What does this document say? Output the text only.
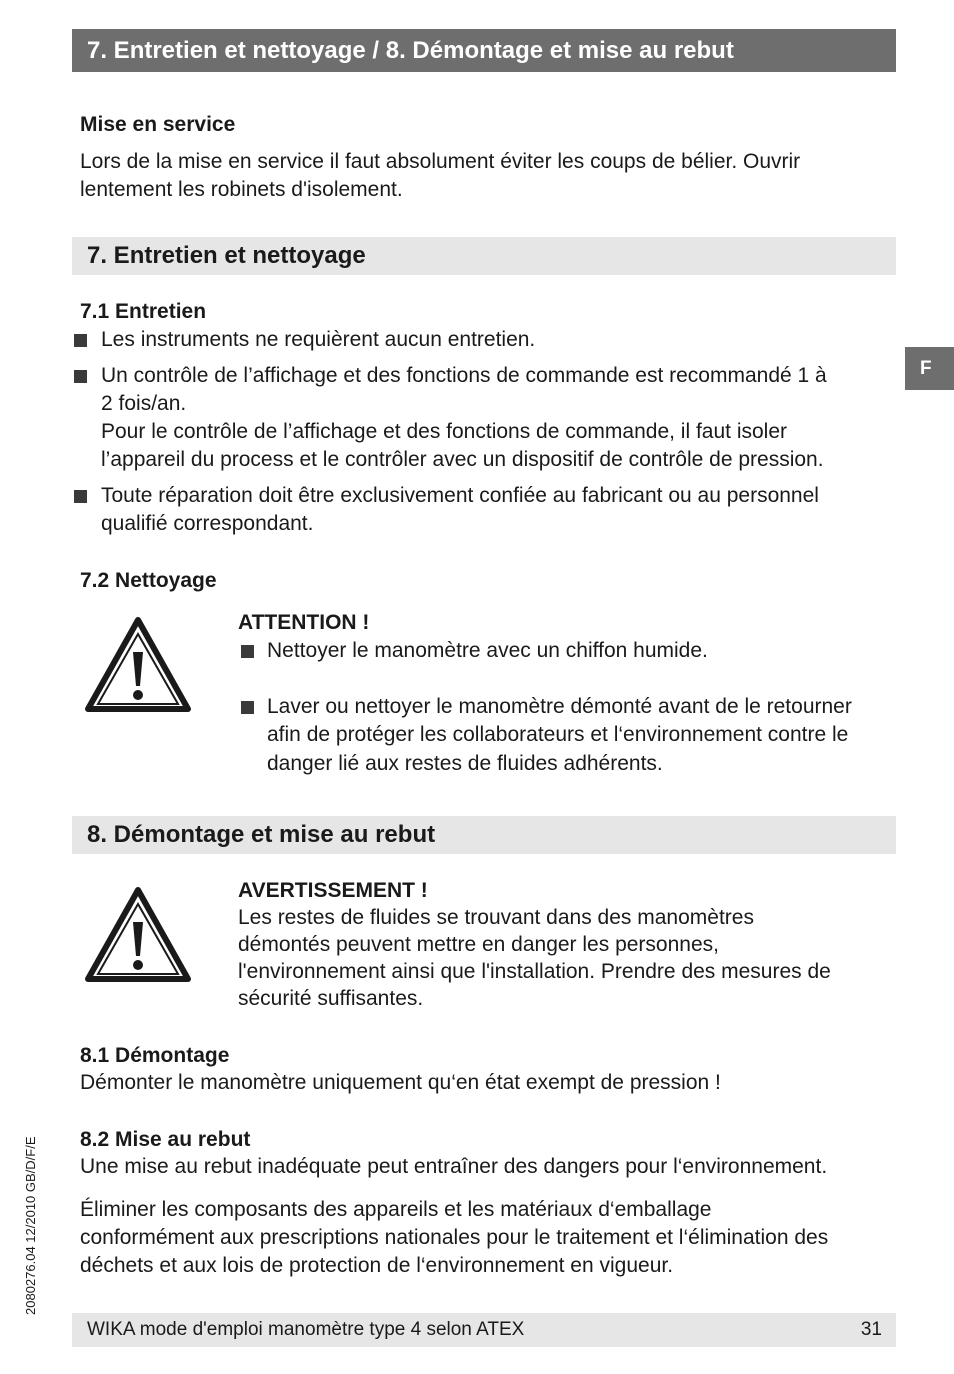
7. Entretien et nettoyage / 8. Démontage et mise au rebut
Mise en service
Lors de la mise en service il faut absolument éviter les coups de bélier. Ouvrir
lentement les robinets d'isolement.
7. Entretien et nettoyage
7.1 Entretien
Les instruments ne requièrent aucun entretien.
Un contrôle de l’affichage et des fonctions de commande est recommandé 1 à
2 fois/an.
Pour le contrôle de l’affichage et des fonctions de commande, il faut isoler
l’appareil du process et le contrôler avec un dispositif de contrôle de pression.
Toute réparation doit être exclusivement confiée au fabricant ou au personnel
qualifié correspondant.
7.2 Nettoyage
ATTENTION !
Nettoyer le manomètre avec un chiffon humide.
Laver ou nettoyer le manomètre démonté avant de le retourner
afin de protéger les collaborateurs et l‘environnement contre le
danger lié aux restes de fluides adhérents.
8. Démontage et mise au rebut
AVERTISSEMENT !
Les restes de fluides se trouvant dans des manomètres
démontés peuvent mettre en danger les personnes,
l'environnement ainsi que l'installation. Prendre des mesures de
sécurité suffisantes.
8.1 Démontage
Démonter le manomètre uniquement qu‘en état exempt de pression !
8.2 Mise au rebut
Une mise au rebut inadéquate peut entraîner des dangers pour l‘environnement.
Éliminer les composants des appareils et les matériaux d‘emballage
conformément aux prescriptions nationales pour le traitement et l‘élimination des
déchets et aux lois de protection de l‘environnement en vigueur.
F
2080276.04 12/2010 GB/D/F/E
WIKA mode d'emploi manomètre type 4 selon ATEX	31
